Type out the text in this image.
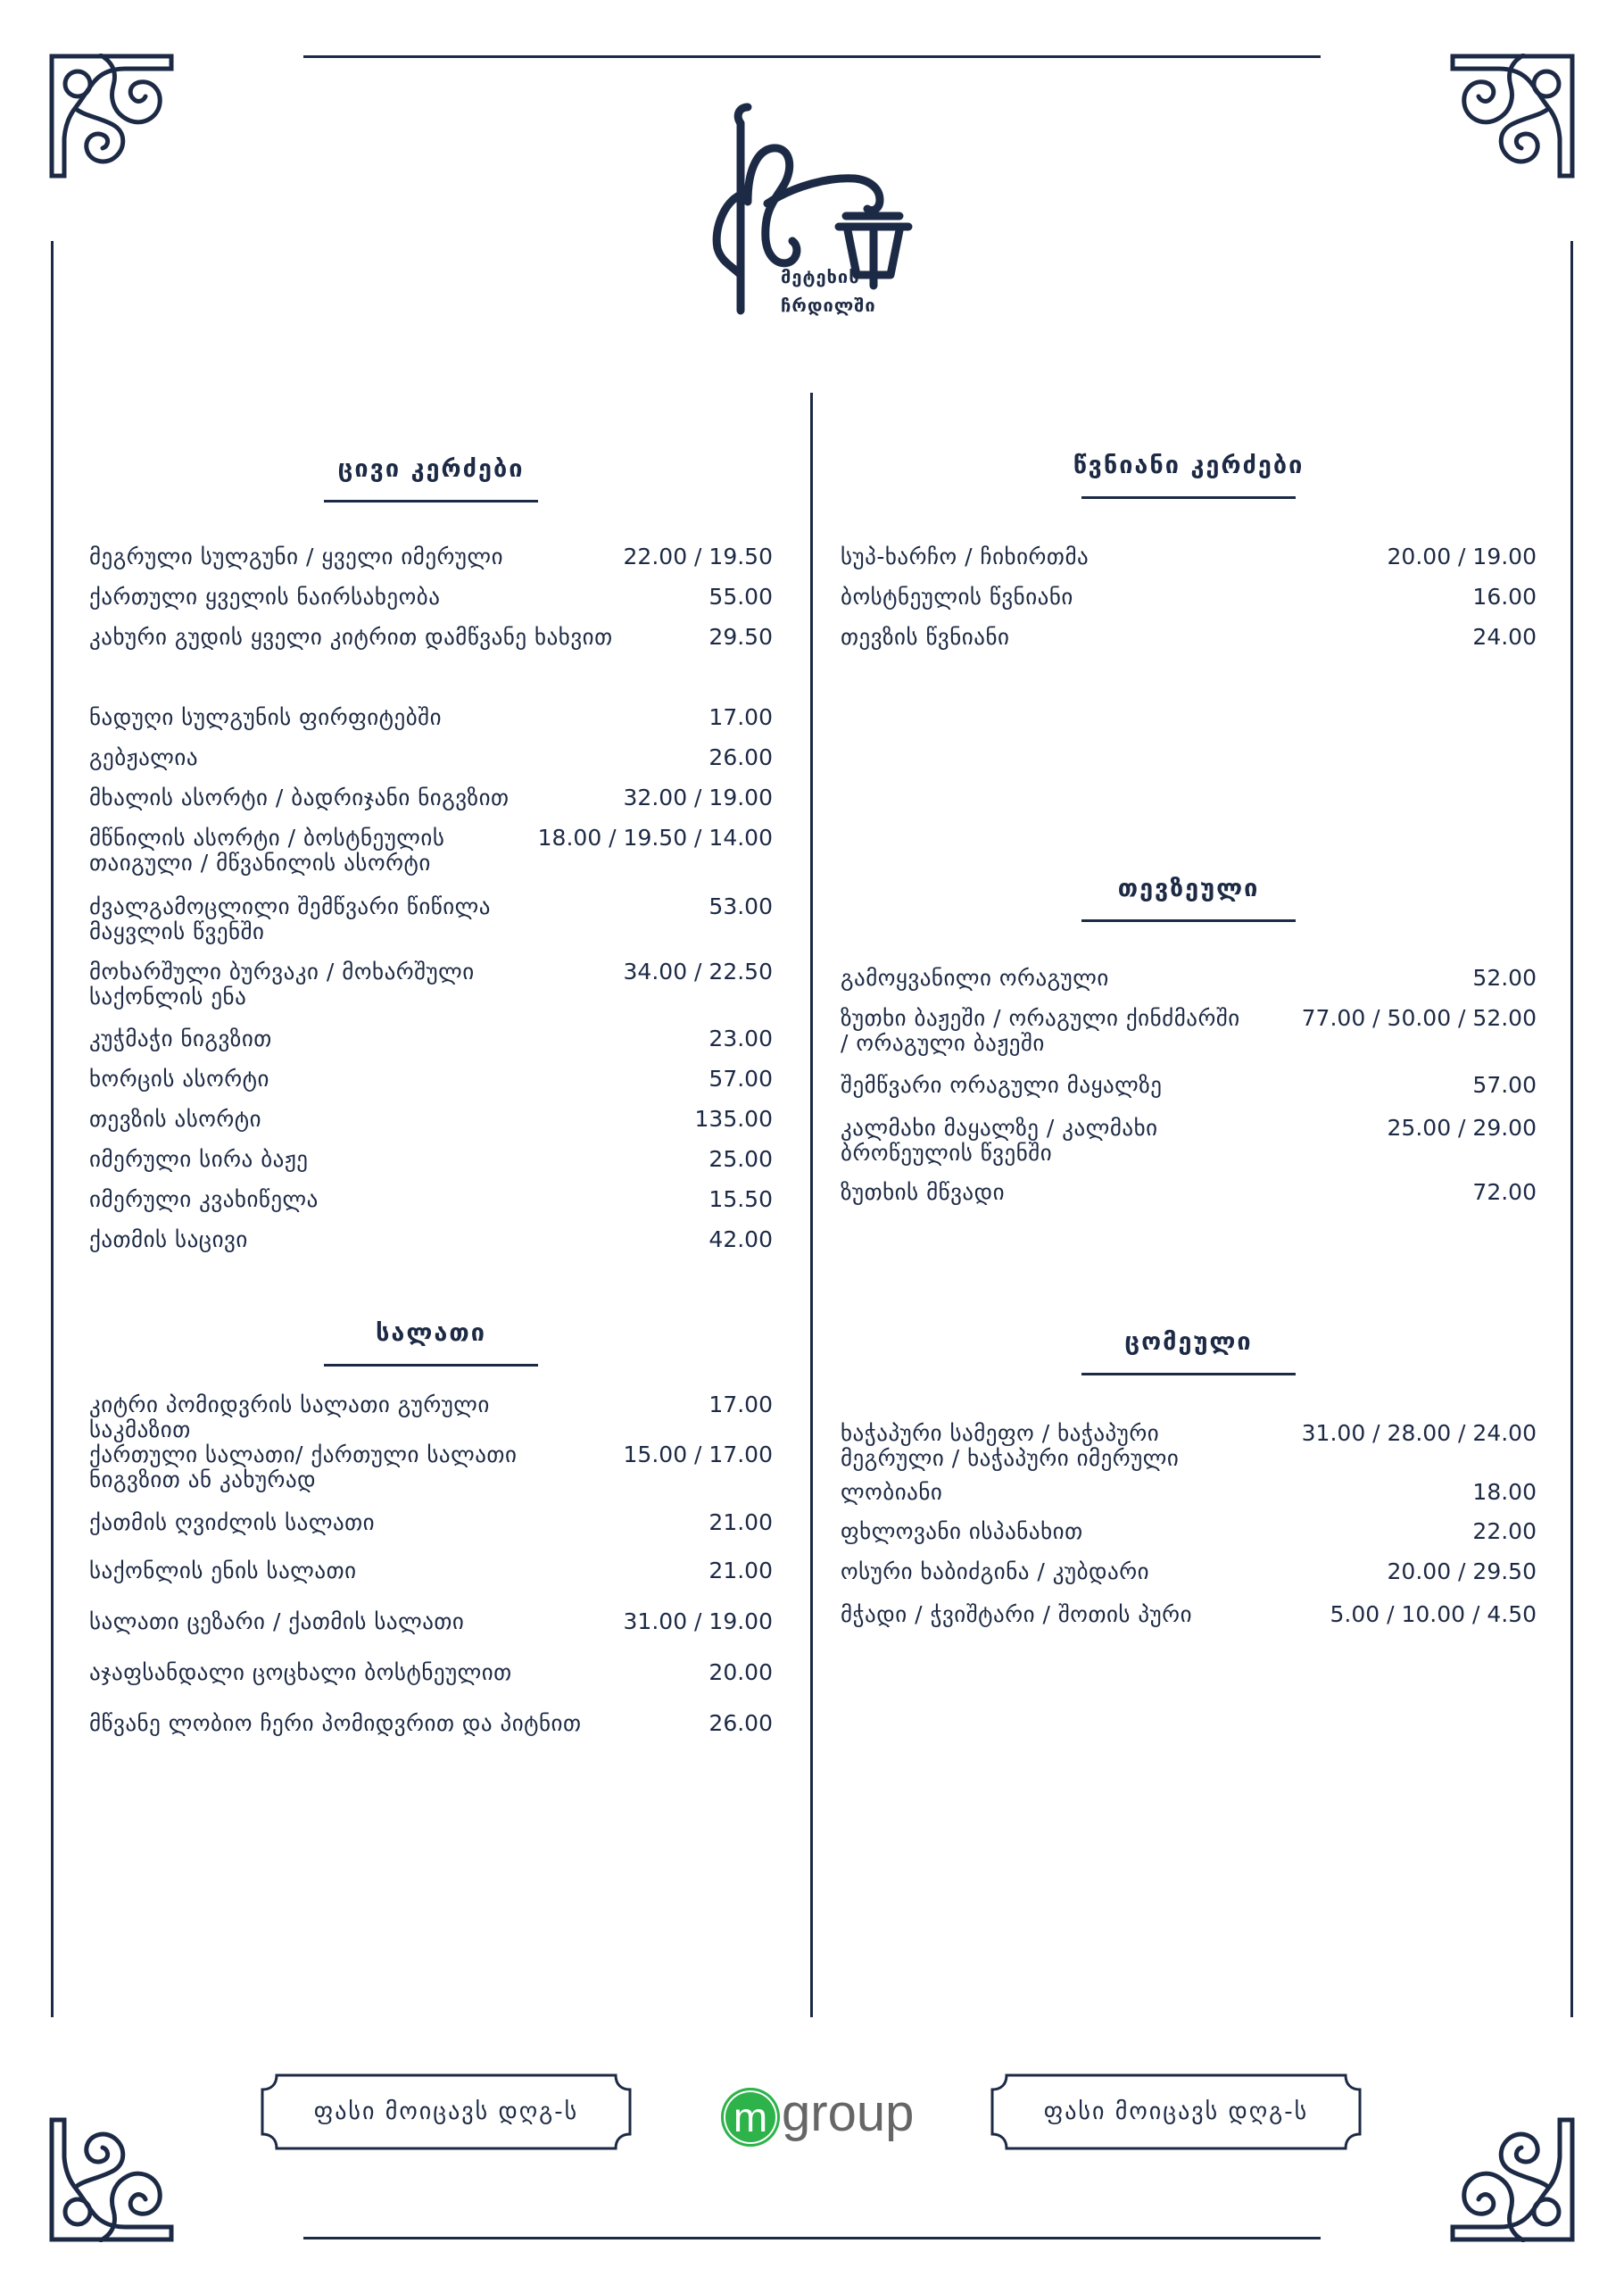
მეტეხის
ჩრდილში
ცივი კერძები
მეგრული სულგუნი / ყველი იმერული	22.00 / 19.50
ქართული ყველის ნაირსახეობა	55.00
კახური გუდის ყველი კიტრით დამწვანე ხახვით	29.50
ნადუღი სულგუნის ფირფიტებში	17.00
გებჟალია	26.00
მხალის ასორტი / ბადრიჯანი ნიგვზით	32.00 / 19.00
მწნილის ასორტი / ბოსტნეულის თაიგული / მწვანილის ასორტი
18.00 / 19.50 / 14.00
ძვალგამოცლილი შემწვარი წიწილა მაყვლის წვენში
53.00
მოხარშული ბურვაკი / მოხარშული საქონლის ენა
34.00 / 22.50
კუჭმაჭი ნიგვზით	23.00
ხორცის ასორტი	57.00
თევზის ასორტი	135.00
იმერული სირა ბაჟე	25.00
იმერული კვახიწელა	15.50
ქათმის საცივი	42.00
სალათი
კიტრი პომიდვრის სალათი გურული საკმაზით
17.00
ქართული სალათი/ ქართული სალათი ნიგვზით ან კახურად
15.00 / 17.00
ქათმის ღვიძლის სალათი	21.00
საქონლის ენის სალათი	21.00
სალათი ცეზარი / ქათმის სალათი	31.00 / 19.00
აჯაფსანდალი ცოცხალი ბოსტნეულით	20.00
მწვანე ლობიო ჩერი პომიდვრით და პიტნით	26.00
წვნიანი კერძები
სუპ-ხარჩო / ჩიხირთმა	20.00 / 19.00
ბოსტნეულის წვნიანი	16.00
თევზის წვნიანი	24.00
თევზეული
გამოყვანილი ორაგული	52.00
ზუთხი ბაჟეში / ორაგული ქინძმარში / ორაგული ბაჟეში
77.00 / 50.00 / 52.00
შემწვარი ორაგული მაყალზე	57.00
კალმახი მაყალზე / კალმახი ბროწეულის წვენში
25.00 / 29.00
ზუთხის მწვადი	72.00
ცომეული
ხაჭაპური სამეფო / ხაჭაპური მეგრული / ხაჭაპური იმერული
31.00 / 28.00 / 24.00
ლობიანი	18.00
ფხლოვანი ისპანახით	22.00
ოსური ხაბიძგინა / კუბდარი	20.00 / 29.50
მჭადი / ჭვიშტარი / შოთის პური	5.00 / 10.00 / 4.50
ფასი მოიცავს დღგ-ს	m group	ფასი მოიცავს დღგ-ს
